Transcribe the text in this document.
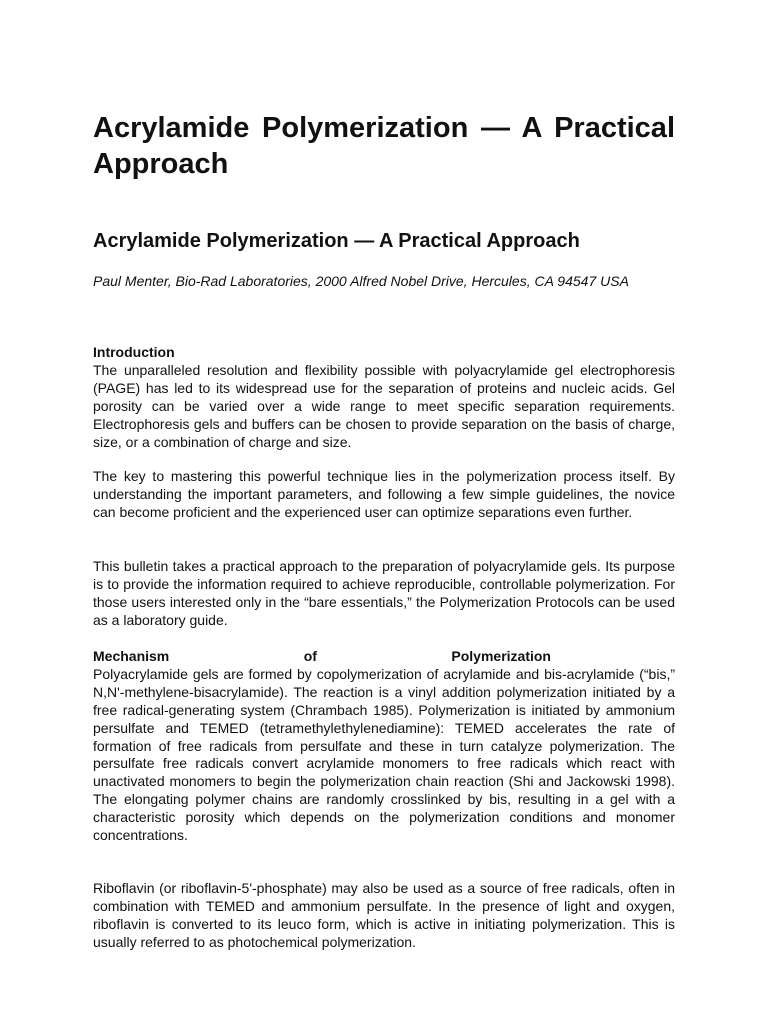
Acrylamide Polymerization — A Practical Approach
Acrylamide Polymerization — A Practical Approach

Paul Menter, Bio-Rad Laboratories, 2000 Alfred Nobel Drive, Hercules, CA 94547 USA

Introduction
The unparalleled resolution and flexibility possible with polyacrylamide gel electrophoresis (PAGE) has led to its widespread use for the separation of proteins and nucleic acids. Gel porosity can be varied over a wide range to meet specific separation requirements. Electrophoresis gels and buffers can be chosen to provide separation on the basis of charge, size, or a combination of charge and size.

The key to mastering this powerful technique lies in the polymerization process itself. By understanding the important parameters, and following a few simple guidelines, the novice can become proficient and the experienced user can optimize separations even further.

This bulletin takes a practical approach to the preparation of polyacrylamide gels. Its purpose is to provide the information required to achieve reproducible, controllable polymerization. For those users interested only in the “bare essentials,” the Polymerization Protocols can be used as a laboratory guide.

Mechanism	of	Polymerization
Polyacrylamide gels are formed by copolymerization of acrylamide and bis-acrylamide (“bis,” N,N'-methylene-bisacrylamide). The reaction is a vinyl addition polymerization initiated by a free radical-generating system (Chrambach 1985). Polymerization is initiated by ammonium persulfate and TEMED (tetramethylethylenediamine): TEMED accelerates the rate of formation of free radicals from persulfate and these in turn catalyze polymerization. The persulfate free radicals convert acrylamide monomers to free radicals which react with unactivated monomers to begin the polymerization chain reaction (Shi and Jackowski 1998). The elongating polymer chains are randomly crosslinked by bis, resulting in a gel with a characteristic porosity which depends on the polymerization conditions and monomer concentrations.

Riboflavin (or riboflavin-5'-phosphate) may also be used as a source of free radicals, often in combination with TEMED and ammonium persulfate. In the presence of light and oxygen, riboflavin is converted to its leuco form, which is active in initiating polymerization. This is usually referred to as photochemical polymerization.
